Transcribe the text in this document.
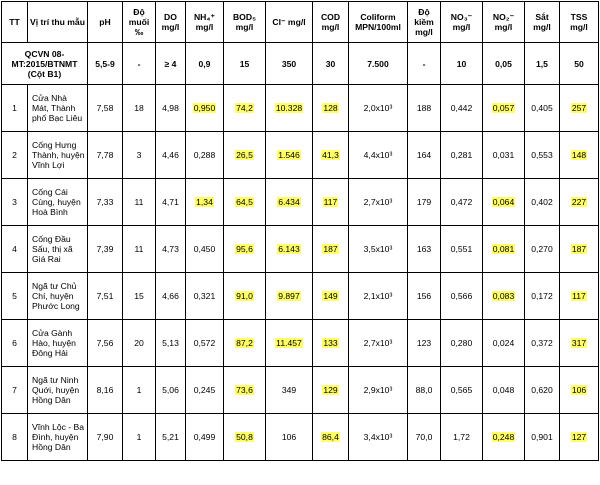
TT	Vị trí thu mẫu	pH	Độ muối ‰	DO mg/l	NH₄⁺ mg/l	BOD₅ mg/l	Cl⁻ mg/l	COD mg/l	Coliform MPN/100ml	Độ kiềm mg/l	NO₃⁻ mg/l	NO₂⁻ mg/l	Sắt mg/l	TSS mg/l
QCVN 08-MT:2015/BTNMT (Cột B1)		5,5-9	-	≥ 4	0,9	15	350	30	7.500	-	10	0,05	1,5	50
1	Cửa Nhà Mát, Thành phố Bạc Liêu	7,58	18	4,98	0,950	74,2	10.328	128	2,0x10³	188	0,442	0,057	0,405	257
2	Cống Hưng Thành, huyện Vĩnh Lợi	7,78	3	4,46	0,288	26,5	1.546	41,3	4,4x10³	164	0,281	0,031	0,553	148
3	Cống Cái Cùng, huyện Hoà Bình	7,33	11	4,71	1,34	64,5	6.434	117	2,7x10³	179	0,472	0,064	0,402	227
4	Cống Đầu Sấu, thị xã Giá Rai	7,39	11	4,73	0,450	95,6	6.143	187	3,5x10³	163	0,551	0,081	0,270	187
5	Ngã tư Chủ Chí, huyện Phước Long	7,51	15	4,66	0,321	91,0	9.897	149	2,1x10³	156	0,566	0,083	0,172	117
6	Cửa Gành Hào, huyện Đông Hải	7,56	20	5,13	0,572	87,2	11.457	133	2,7x10³	123	0,280	0,024	0,372	317
7	Ngã tư Ninh Quới, huyện Hồng Dân	8,16	1	5,06	0,245	73,6	349	129	2,9x10³	88,0	0,565	0,048	0,620	106
8	Vĩnh Lộc - Ba Đình, huyện Hồng Dân	7,90	1	5,21	0,499	50,8	106	86,4	3,4x10³	70,0	1,72	0,248	0,901	127
